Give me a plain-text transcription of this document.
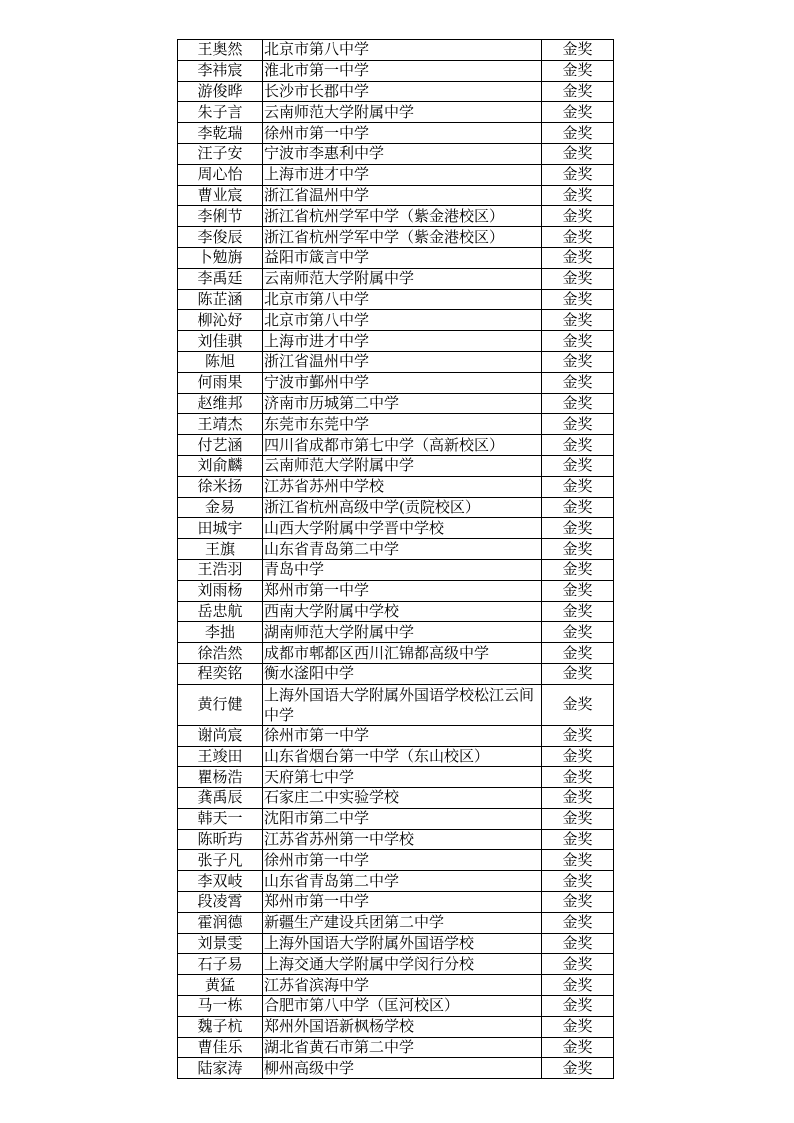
王奥然	北京市第八中学	金奖
李祎宸	淮北市第一中学	金奖
游俊晔	长沙市长郡中学	金奖
朱子言	云南师范大学附属中学	金奖
李乾瑞	徐州市第一中学	金奖
汪子安	宁波市李惠利中学	金奖
周心怡	上海市进才中学	金奖
曹业宸	浙江省温州中学	金奖
李俐节	浙江省杭州学军中学（紫金港校区）	金奖
李俊辰	浙江省杭州学军中学（紫金港校区）	金奖
卜勉旃	益阳市箴言中学	金奖
李禹廷	云南师范大学附属中学	金奖
陈芷涵	北京市第八中学	金奖
柳沁妤	北京市第八中学	金奖
刘佳骐	上海市进才中学	金奖
陈旭	浙江省温州中学	金奖
何雨果	宁波市鄞州中学	金奖
赵维邦	济南市历城第二中学	金奖
王靖杰	东莞市东莞中学	金奖
付艺涵	四川省成都市第七中学（高新校区）	金奖
刘俞麟	云南师范大学附属中学	金奖
徐米扬	江苏省苏州中学校	金奖
金易	浙江省杭州高级中学(贡院校区）	金奖
田城宇	山西大学附属中学晋中学校	金奖
王旗	山东省青岛第二中学	金奖
王浩羽	青岛中学	金奖
刘雨杨	郑州市第一中学	金奖
岳忠航	西南大学附属中学校	金奖
李拙	湖南师范大学附属中学	金奖
徐浩然	成都市郫都区西川汇锦都高级中学	金奖
程奕铭	衡水滏阳中学	金奖
黄行健	上海外国语大学附属外国语学校松江云间中学	金奖
谢尚宸	徐州市第一中学	金奖
王竣田	山东省烟台第一中学（东山校区）	金奖
瞿杨浩	天府第七中学	金奖
龚禹辰	石家庄二中实验学校	金奖
韩天一	沈阳市第二中学	金奖
陈昕玙	江苏省苏州第一中学校	金奖
张子凡	徐州市第一中学	金奖
李双岐	山东省青岛第二中学	金奖
段凌霄	郑州市第一中学	金奖
霍润德	新疆生产建设兵团第二中学	金奖
刘景雯	上海外国语大学附属外国语学校	金奖
石子易	上海交通大学附属中学闵行分校	金奖
黄猛	江苏省滨海中学	金奖
马一栋	合肥市第八中学（匡河校区）	金奖
魏子杭	郑州外国语新枫杨学校	金奖
曹佳乐	湖北省黄石市第二中学	金奖
陆家涛	柳州高级中学	金奖
